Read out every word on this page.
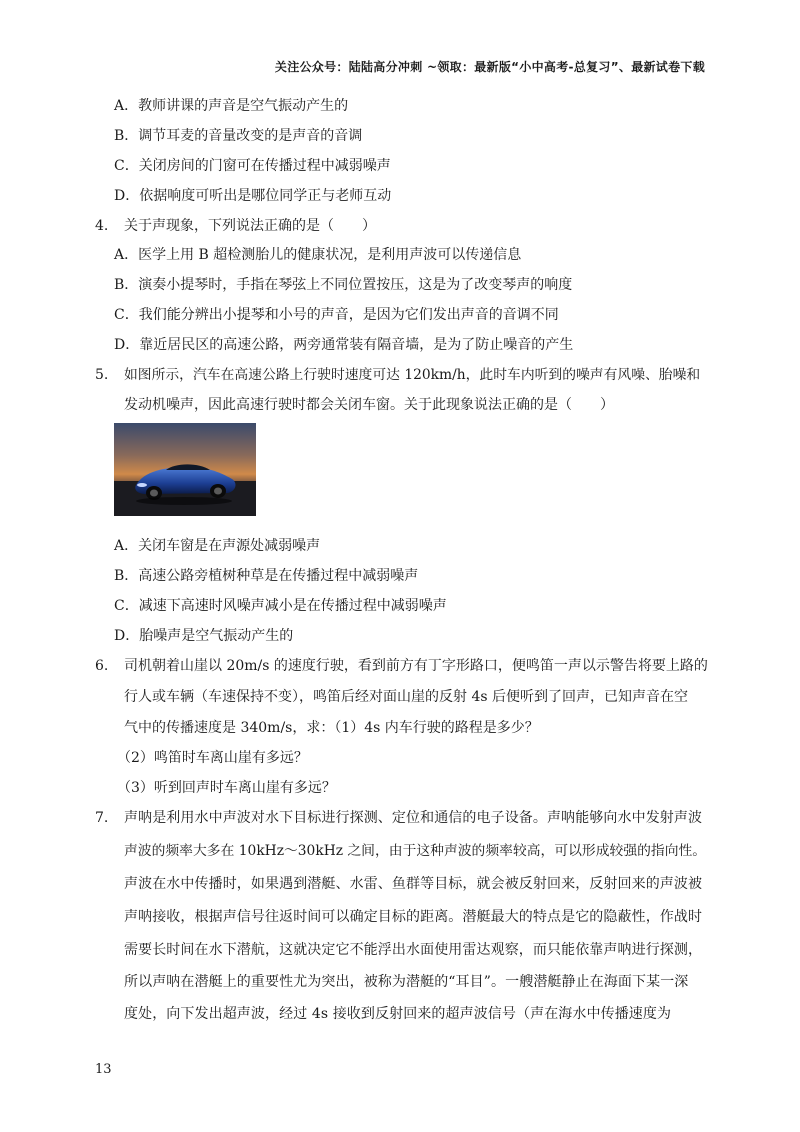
关注公众号：陆陆高分冲刺 ~领取：最新版“小中高考-总复习”、最新试卷下载
A．教师讲课的声音是空气振动产生的
B．调节耳麦的音量改变的是声音的音调
C．关闭房间的门窗可在传播过程中减弱噪声
D．依据响度可听出是哪位同学正与老师互动
4. 关于声现象，下列说法正确的是（　　）
A．医学上用 B 超检测胎儿的健康状况，是利用声波可以传递信息
B．演奏小提琴时，手指在琴弦上不同位置按压，这是为了改变琴声的响度
C．我们能分辨出小提琴和小号的声音，是因为它们发出声音的音调不同
D．靠近居民区的高速公路，两旁通常装有隔音墙，是为了防止噪音的产生
5. 如图所示，汽车在高速公路上行驶时速度可达 120km/h，此时车内听到的噪声有风噪、胎噪和
发动机噪声，因此高速行驶时都会关闭车窗。关于此现象说法正确的是（　　）
A．关闭车窗是在声源处减弱噪声
B．高速公路旁植树种草是在传播过程中减弱噪声
C．减速下高速时风噪声减小是在传播过程中减弱噪声
D．胎噪声是空气振动产生的
6. 司机朝着山崖以 20m/s 的速度行驶，看到前方有丁字形路口，便鸣笛一声以示警告将要上路的
行人或车辆（车速保持不变），鸣笛后经对面山崖的反射 4s 后便听到了回声，已知声音在空
气中的传播速度是 340m/s，求：（1）4s 内车行驶的路程是多少？
（2）鸣笛时车离山崖有多远？
（3）听到回声时车离山崖有多远？
7. 声呐是利用水中声波对水下目标进行探测、定位和通信的电子设备。声呐能够向水中发射声波
声波的频率大多在 10kHz～30kHz 之间，由于这种声波的频率较高，可以形成较强的指向性。
声波在水中传播时，如果遇到潜艇、水雷、鱼群等目标，就会被反射回来，反射回来的声波被
声呐接收，根据声信号往返时间可以确定目标的距离。潜艇最大的特点是它的隐蔽性，作战时
需要长时间在水下潜航，这就决定它不能浮出水面使用雷达观察，而只能依靠声呐进行探测，
所以声呐在潜艇上的重要性尤为突出，被称为潜艇的“耳目”。一艘潜艇静止在海面下某一深
度处，向下发出超声波，经过 4s 接收到反射回来的超声波信号（声在海水中传播速度为
13
